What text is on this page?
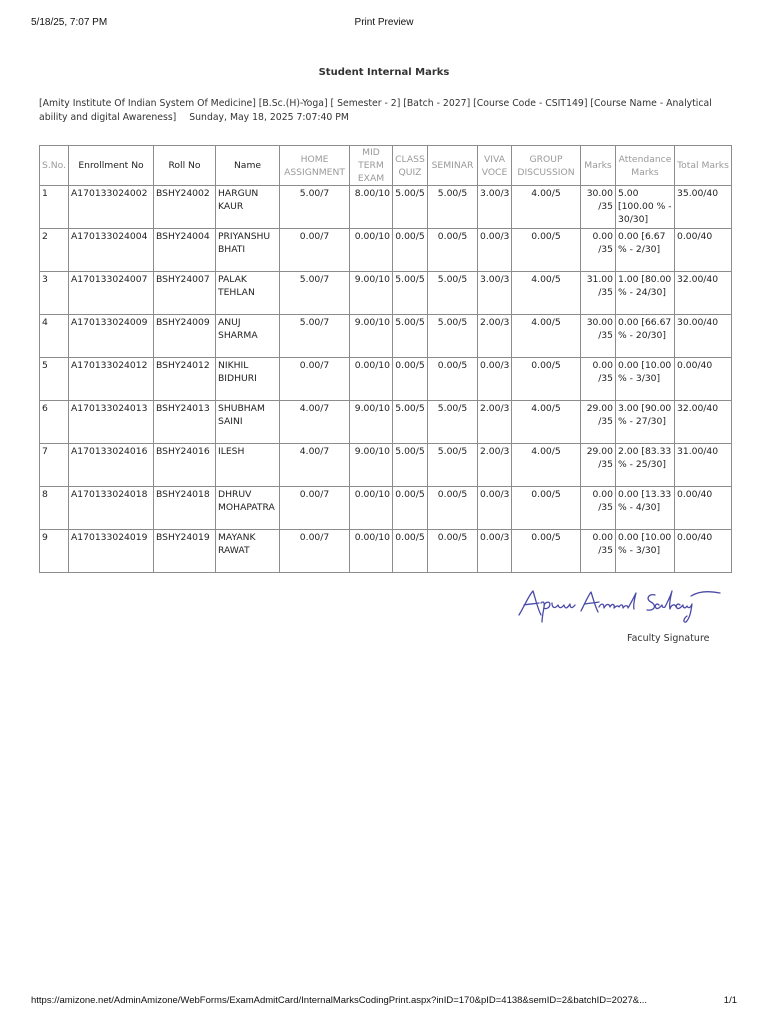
5/18/25, 7:07 PM	Print Preview
Student Internal Marks
[Amity Institute Of Indian System Of Medicine] [B.Sc.(H)-Yoga] [ Semester - 2] [Batch - 2027] [Course Code - CSIT149] [Course Name - Analytical ability and digital Awareness] Sunday, May 18, 2025 7:07:40 PM
S.No.	Enrollment No	Roll No	Name	HOME ASSIGNMENT	MID TERM EXAM	CLASS QUIZ	SEMINAR	VIVA VOCE	GROUP DISCUSSION	Marks	Attendance Marks	Total Marks
1	A170133024002	BSHY24002	HARGUN KAUR	5.00/7	8.00/10	5.00/5	5.00/5	3.00/3	4.00/5	30.00 /35	5.00 [100.00 % - 30/30]	35.00/40
2	A170133024004	BSHY24004	PRIYANSHU BHATI	0.00/7	0.00/10	0.00/5	0.00/5	0.00/3	0.00/5	0.00 /35	0.00 [6.67 % - 2/30]	0.00/40
3	A170133024007	BSHY24007	PALAK TEHLAN	5.00/7	9.00/10	5.00/5	5.00/5	3.00/3	4.00/5	31.00 /35	1.00 [80.00 % - 24/30]	32.00/40
4	A170133024009	BSHY24009	ANUJ SHARMA	5.00/7	9.00/10	5.00/5	5.00/5	2.00/3	4.00/5	30.00 /35	0.00 [66.67 % - 20/30]	30.00/40
5	A170133024012	BSHY24012	NIKHIL BIDHURI	0.00/7	0.00/10	0.00/5	0.00/5	0.00/3	0.00/5	0.00 /35	0.00 [10.00 % - 3/30]	0.00/40
6	A170133024013	BSHY24013	SHUBHAM SAINI	4.00/7	9.00/10	5.00/5	5.00/5	2.00/3	4.00/5	29.00 /35	3.00 [90.00 % - 27/30]	32.00/40
7	A170133024016	BSHY24016	ILESH	4.00/7	9.00/10	5.00/5	5.00/5	2.00/3	4.00/5	29.00 /35	2.00 [83.33 % - 25/30]	31.00/40
8	A170133024018	BSHY24018	DHRUV MOHAPATRA	0.00/7	0.00/10	0.00/5	0.00/5	0.00/3	0.00/5	0.00 /35	0.00 [13.33 % - 4/30]	0.00/40
9	A170133024019	BSHY24019	MAYANK RAWAT	0.00/7	0.00/10	0.00/5	0.00/5	0.00/3	0.00/5	0.00 /35	0.00 [10.00 % - 3/30]	0.00/40
Faculty Signature
https://amizone.net/AdminAmizone/WebForms/ExamAdmitCard/InternalMarksCodingPrint.aspx?inID=170&pID=4138&semID=2&batchID=2027&...	1/1
